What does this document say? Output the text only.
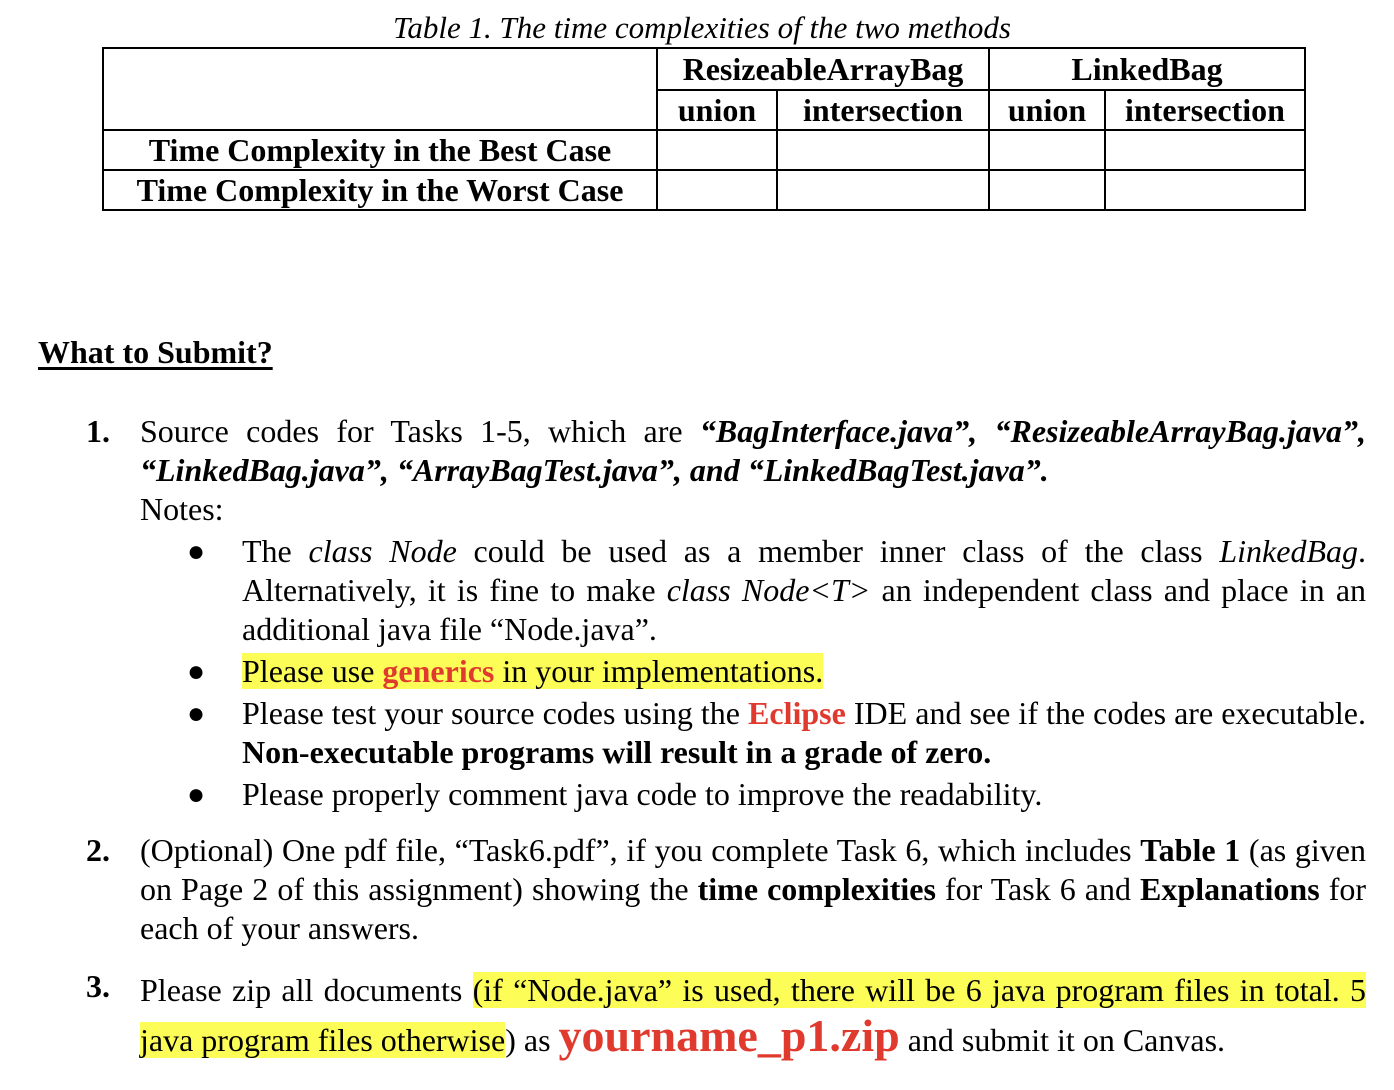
Table 1. The time complexities of the two methods
	ResizeableArrayBag		LinkedBag	
	union	intersection	union	intersection
Time Complexity in the Best Case				
Time Complexity in the Worst Case				
What to Submit?
1. Source codes for Tasks 1-5, which are “BagInterface.java”, “ResizeableArrayBag.java”, “LinkedBag.java”, “ArrayBagTest.java”, and “LinkedBagTest.java”.
Notes:
● The class Node could be used as a member inner class of the class LinkedBag. Alternatively, it is fine to make class Node<T> an independent class and place in an additional java file “Node.java”.
● Please use generics in your implementations.
● Please test your source codes using the Eclipse IDE and see if the codes are executable. Non-executable programs will result in a grade of zero.
● Please properly comment java code to improve the readability.
2. (Optional) One pdf file, “Task6.pdf”, if you complete Task 6, which includes Table 1 (as given on Page 2 of this assignment) showing the time complexities for Task 6 and Explanations for each of your answers.
3. Please zip all documents (if “Node.java” is used, there will be 6 java program files in total. 5 java program files otherwise) as yourname_p1.zip and submit it on Canvas.
